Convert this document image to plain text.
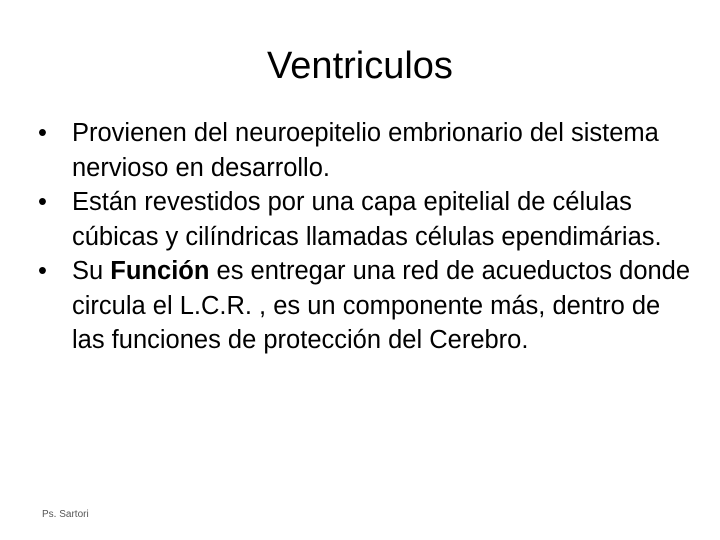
Ventriculos
• Provienen del neuroepitelio embrionario del sistema nervioso en desarrollo.
• Están revestidos por una capa epitelial de células cúbicas y cilíndricas llamadas células ependimárias.
• Su Función es entregar una red de acueductos donde circula el L.C.R. , es un componente más, dentro de las funciones de protección del Cerebro.
Ps. Sartori
